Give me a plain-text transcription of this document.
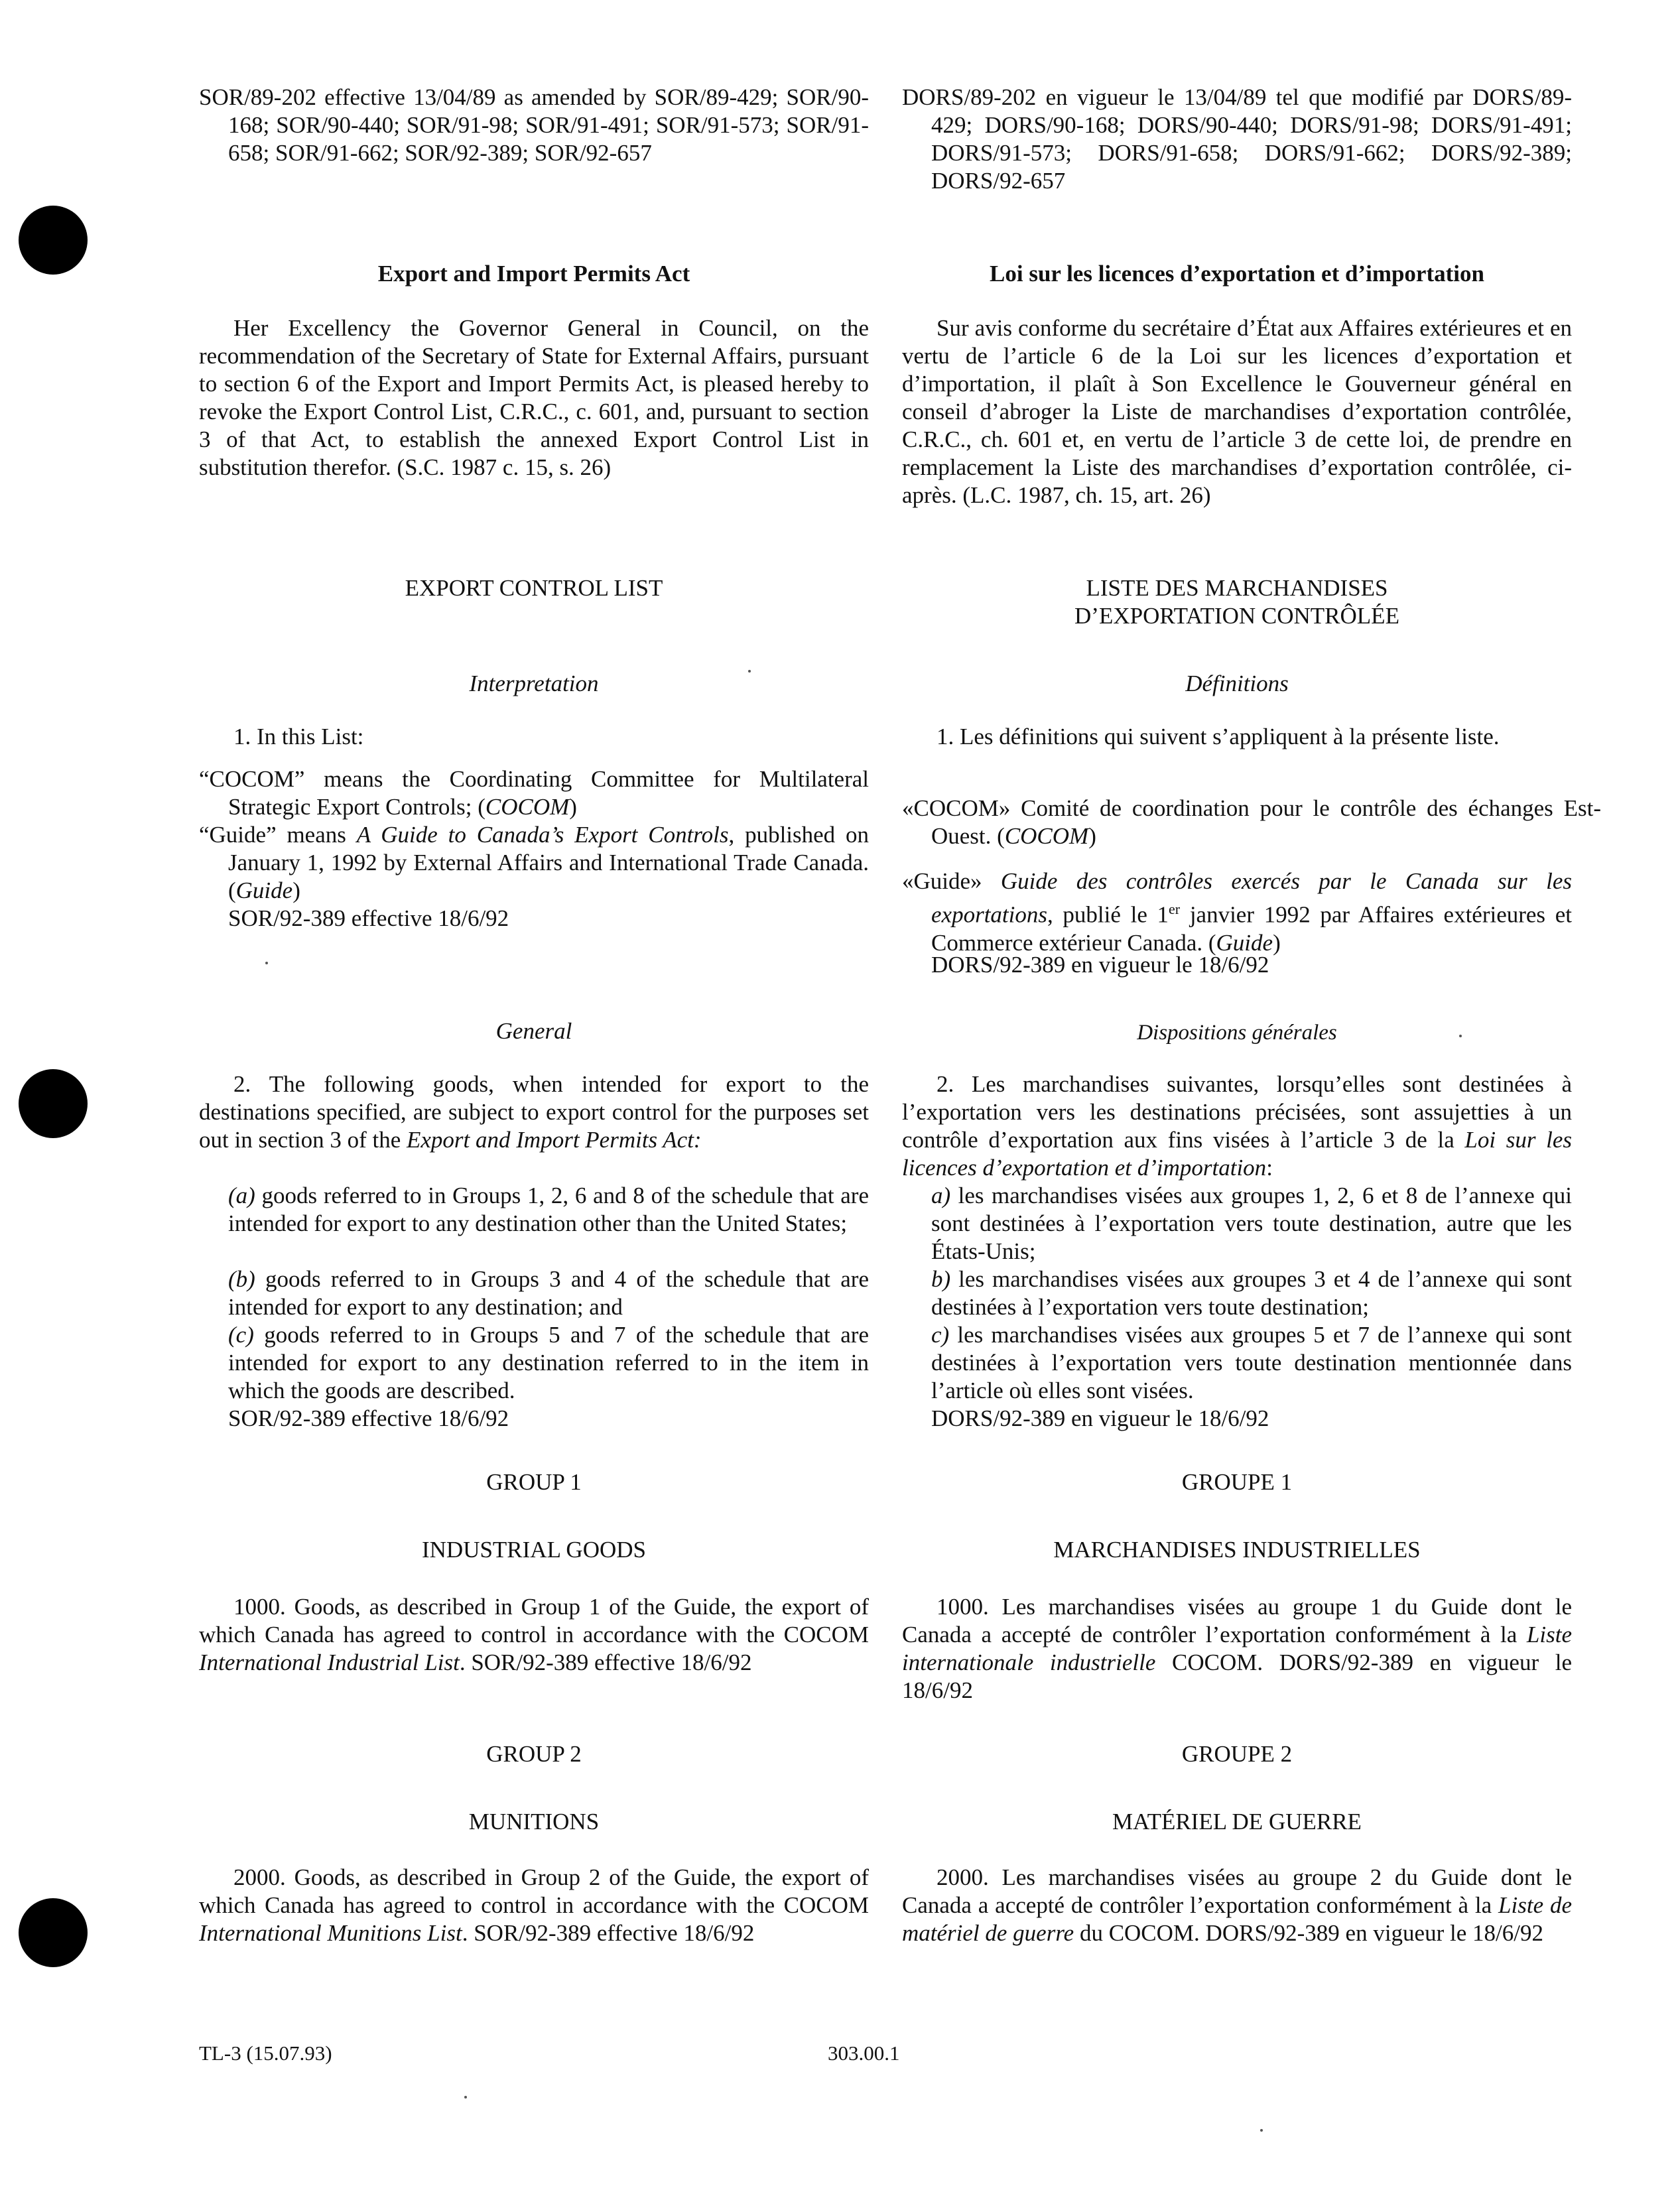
SOR/89-202 effective 13/04/89 as amended by SOR/89-429; SOR/90-168; SOR/90-440; SOR/91-98; SOR/91-491; SOR/91-573; SOR/91-658; SOR/91-662; SOR/92-389; SOR/92-657

Export and Import Permits Act

Her Excellency the Governor General in Council, on the recommendation of the Secretary of State for External Affairs, pursuant to section 6 of the Export and Import Permits Act, is pleased hereby to revoke the Export Control List, C.R.C., c. 601, and, pursuant to section 3 of that Act, to establish the annexed Export Control List in substitution therefor. (S.C. 1987 c. 15, s. 26)

EXPORT CONTROL LIST
Interpretation

1. In this List:

“COCOM” means the Coordinating Committee for Multilateral Strategic Export Controls; (COCOM)

“Guide” means A Guide to Canada’s Export Controls, published on January 1, 1992 by External Affairs and International Trade Canada. (Guide)

SOR/92-389 effective 18/6/92

General

2. The following goods, when intended for export to the destinations specified, are subject to export control for the purposes set out in section 3 of the Export and Import Permits Act:

(a) goods referred to in Groups 1, 2, 6 and 8 of the schedule that are intended for export to any destination other than the United States;

(b) goods referred to in Groups 3 and 4 of the schedule that are intended for export to any destination; and

(c) goods referred to in Groups 5 and 7 of the schedule that are intended for export to any destination referred to in the item in which the goods are described.

SOR/92-389 effective 18/6/92

GROUP 1
INDUSTRIAL GOODS

1000. Goods, as described in Group 1 of the Guide, the export of which Canada has agreed to control in accordance with the COCOM International Industrial List. SOR/92-389 effective 18/6/92

GROUP 2
MUNITIONS

2000. Goods, as described in Group 2 of the Guide, the export of which Canada has agreed to control in accordance with the COCOM International Munitions List. SOR/92-389 effective 18/6/92

DORS/89-202 en vigueur le 13/04/89 tel que modifié par DORS/89-429; DORS/90-168; DORS/90-440; DORS/91-98; DORS/91-491; DORS/91-573; DORS/91-658; DORS/91-662; DORS/92-389; DORS/92-657

Loi sur les licences d’exportation et d’importation

Sur avis conforme du secrétaire d’État aux Affaires extérieures et en vertu de l’article 6 de la Loi sur les licences d’exportation et d’importation, il plaît à Son Excellence le Gouverneur général en conseil d’abroger la Liste de marchandises d’exportation contrôlée, C.R.C., ch. 601 et, en vertu de l’article 3 de cette loi, de prendre en remplacement la Liste des marchandises d’exportation contrôlée, ci-après. (L.C. 1987, ch. 15, art. 26)

LISTE DES MARCHANDISES
D’EXPORTATION CONTRÔLÉE
Définitions

1. Les définitions qui suivent s’appliquent à la présente liste.

«COCOM» Comité de coordination pour le contrôle des échanges Est-Ouest. (COCOM)

«Guide» Guide des contrôles exercés par le Canada sur les exportations, publié le 1er janvier 1992 par Affaires extérieures et Commerce extérieur Canada. (Guide)

DORS/92-389 en vigueur le 18/6/92

Dispositions générales

2. Les marchandises suivantes, lorsqu’elles sont destinées à l’exportation vers les destinations précisées, sont assujetties à un contrôle d’exportation aux fins visées à l’article 3 de la Loi sur les licences d’exportation et d’importation:

a) les marchandises visées aux groupes 1, 2, 6 et 8 de l’annexe qui sont destinées à l’exportation vers toute destination, autre que les États-Unis;

b) les marchandises visées aux groupes 3 et 4 de l’annexe qui sont destinées à l’exportation vers toute destination;

c) les marchandises visées aux groupes 5 et 7 de l’annexe qui sont destinées à l’exportation vers toute destination mentionnée dans l’article où elles sont visées.

DORS/92-389 en vigueur le 18/6/92

GROUPE 1
MARCHANDISES INDUSTRIELLES

1000. Les marchandises visées au groupe 1 du Guide dont le Canada a accepté de contrôler l’exportation conformément à la Liste internationale industrielle COCOM. DORS/92-389 en vigueur le 18/6/92

GROUPE 2
MATÉRIEL DE GUERRE

2000. Les marchandises visées au groupe 2 du Guide dont le Canada a accepté de contrôler l’exportation conformément à la Liste de matériel de guerre du COCOM. DORS/92-389 en vigueur le 18/6/92

TL-3 (15.07.93)	303.00.1
